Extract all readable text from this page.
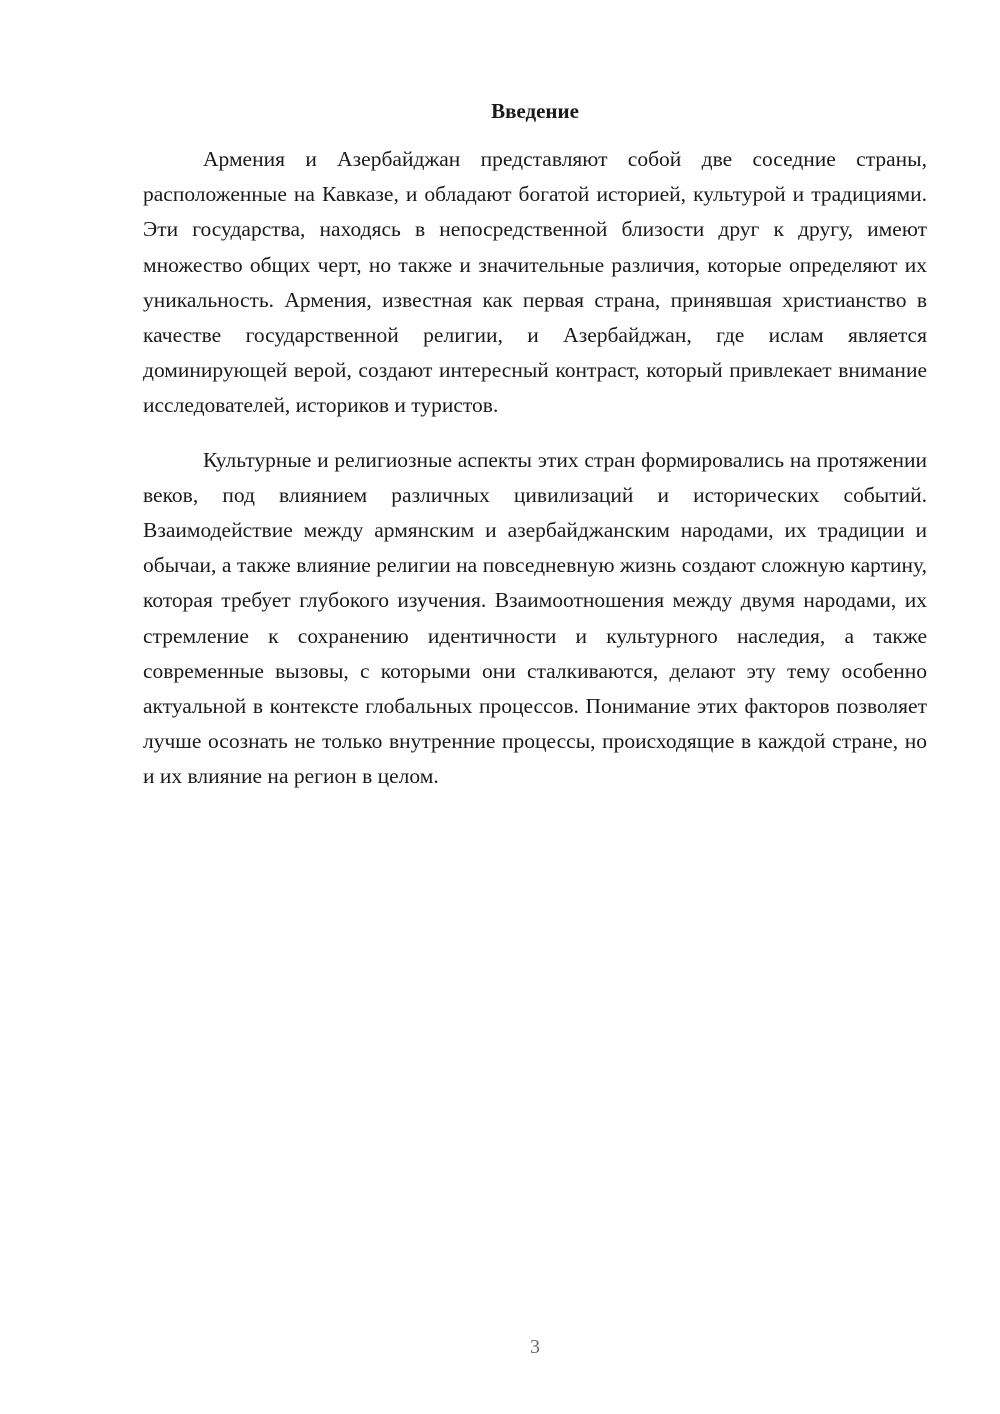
Введение

Армения и Азербайджан представляют собой две соседние страны, расположенные на Кавказе, и обладают богатой историей, культурой и традициями. Эти государства, находясь в непосредственной близости друг к другу, имеют множество общих черт, но также и значительные различия, которые определяют их уникальность. Армения, известная как первая страна, принявшая христианство в качестве государственной религии, и Азербайджан, где ислам является доминирующей верой, создают интересный контраст, который привлекает внимание исследователей, историков и туристов.

Культурные и религиозные аспекты этих стран формировались на протяжении веков, под влиянием различных цивилизаций и исторических событий. Взаимодействие между армянским и азербайджанским народами, их традиции и обычаи, а также влияние религии на повседневную жизнь создают сложную картину, которая требует глубокого изучения. Взаимоотношения между двумя народами, их стремление к сохранению идентичности и культурного наследия, а также современные вызовы, с которыми они сталкиваются, делают эту тему особенно актуальной в контексте глобальных процессов. Понимание этих факторов позволяет лучше осознать не только внутренние процессы, происходящие в каждой стране, но и их влияние на регион в целом.

3
